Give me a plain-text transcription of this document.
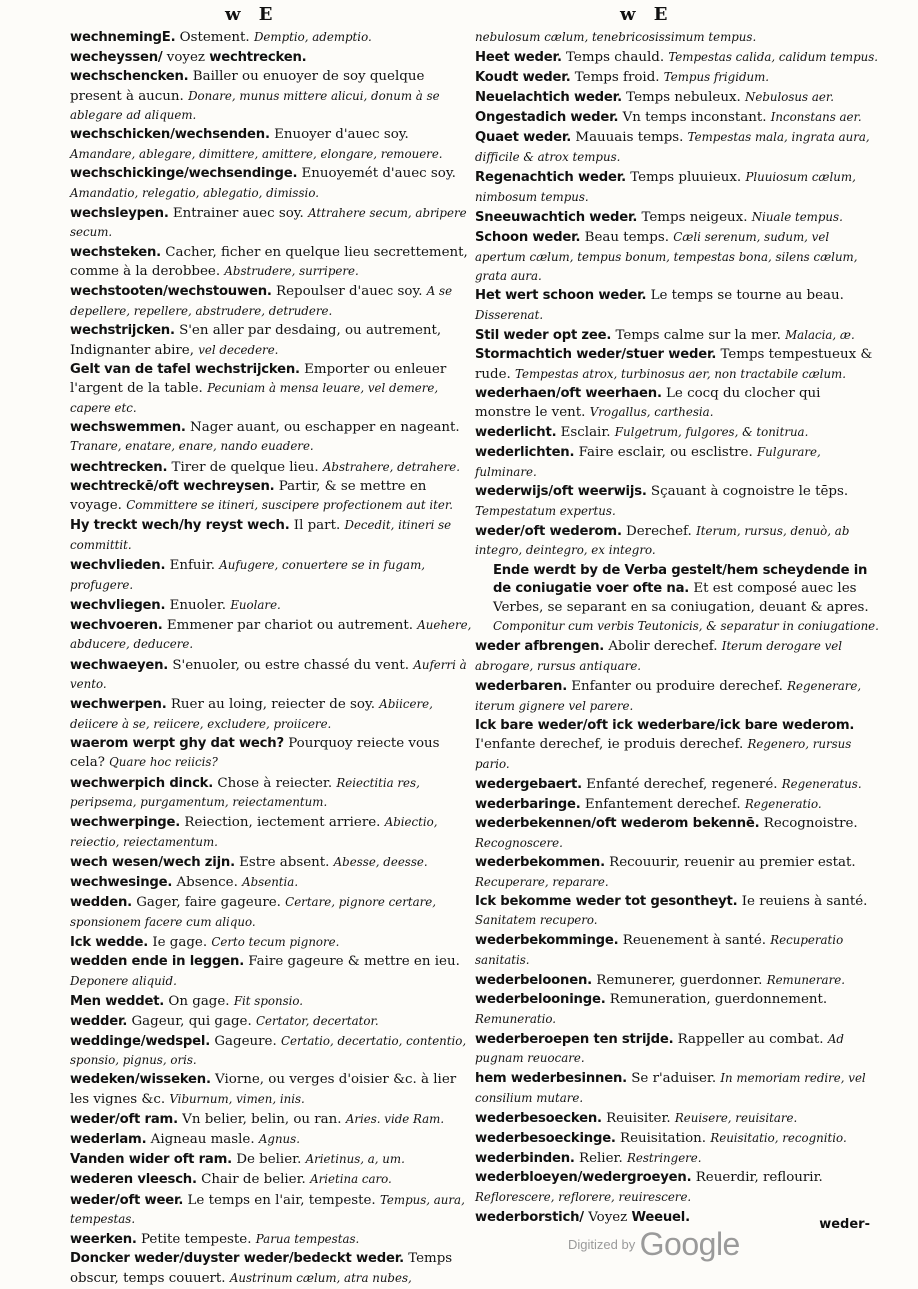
w E	w E
wechnemingE. Ostement. Demptio, ademptio.
wecheyssen/ voyez wechtrecken.
wechschencken. Bailler ou enuoyer de soy quelque present à aucun. Donare, munus mittere alicui, donum à se ablegare ad aliquem.
wechschicken/wechsenden. Enuoyer d'auec soy. Amandare, ablegare, dimittere, amittere, elongare, remouere.
wechschickinge/wechsendinge. Enuoyemét d'auec soy. Amandatio, relegatio, ablegatio, dimissio.
wechsleypen. Entrainer auec soy. Attrahere secum, abripere secum.
wechsteken. Cacher, ficher en quelque lieu secrettement, comme à la derobbee. Abstrudere, surripere.
wechstooten/wechstouwen. Repoulser d'auec soy. A se depellere, repellere, abstrudere, detrudere.
wechstrijcken. S'en aller par desdaing, ou autrement, Indignanter abire, vel decedere.
Gelt van de tafel wechstrijcken. Emporter ou enleuer l'argent de la table. Pecuniam à mensa leuare, vel demere, capere etc.
wechswemmen. Nager auant, ou eschapper en nageant. Tranare, enatare, enare, nando euadere.
wechtrecken. Tirer de quelque lieu. Abstrahere, detrahere.
wechtreckē/oft wechreysen. Partir, & se mettre en voyage. Committere se itineri, suscipere profectionem aut iter.
Hy treckt wech/hy reyst wech. Il part. Decedit, itineri se committit.
wechvlieden. Enfuir. Aufugere, conuertere se in fugam, profugere.
wechvliegen. Enuoler. Euolare.
wechvoeren. Emmener par chariot ou autrement. Auehere, abducere, deducere.
wechwaeyen. S'enuoler, ou estre chassé du vent. Auferri à vento.
wechwerpen. Ruer au loing, reiecter de soy. Abiicere, deiicere à se, reiicere, excludere, proiicere.
waerom werpt ghy dat wech? Pourquoy reiecte vous cela? Quare hoc reiicis?
wechwerpich dinck. Chose à reiecter. Reiectitia res, peripsema, purgamentum, reiectamentum.
wechwerpinge. Reiection, iectement arriere. Abiectio, reiectio, reiectamentum.
wech wesen/wech zijn. Estre absent. Abesse, deesse.
wechwesinge. Absence. Absentia.
wedden. Gager, faire gageure. Certare, pignore certare, sponsionem facere cum aliquo.
Ick wedde. Ie gage. Certo tecum pignore.
wedden ende in leggen. Faire gageure & mettre en ieu. Deponere aliquid.
Men weddet. On gage. Fit sponsio.
wedder. Gageur, qui gage. Certator, decertator.
weddinge/wedspel. Gageure. Certatio, decertatio, contentio, sponsio, pignus, oris.
wedeken/wisseken. Viorne, ou verges d'oisier &c. à lier les vignes &c. Viburnum, vimen, inis.
weder/oft ram. Vn belier, belin, ou ran. Aries. vide Ram.
wederlam. Aigneau masle. Agnus.
Vanden wider oft ram. De belier. Arietinus, a, um.
wederen vleesch. Chair de belier. Arietina caro.
weder/oft weer. Le temps en l'air, tempeste. Tempus, aura, tempestas.
weerken. Petite tempeste. Parua tempestas.
Doncker weder/duyster weder/bedeckt weder. Temps obscur, temps couuert. Austrinum cælum, atra nubes,
nebulosum cælum, tenebricosissimum tempus.
Heet weder. Temps chauld. Tempestas calida, calidum tempus.
Koudt weder. Temps froid. Tempus frigidum.
Neuelachtich weder. Temps nebuleux. Nebulosus aer.
Ongestadich weder. Vn temps inconstant. Inconstans aer.
Quaet weder. Mauuais temps. Tempestas mala, ingrata aura, difficile & atrox tempus.
Regenachtich weder. Temps pluuieux. Pluuiosum cælum, nimbosum tempus.
Sneeuwachtich weder. Temps neigeux. Niuale tempus.
Schoon weder. Beau temps. Cæli serenum, sudum, vel apertum cælum, tempus bonum, tempestas bona, silens cælum, grata aura.
Het wert schoon weder. Le temps se tourne au beau. Disserenat.
Stil weder opt zee. Temps calme sur la mer. Malacia, æ.
Stormachtich weder/stuer weder. Temps tempestueux & rude. Tempestas atrox, turbinosus aer, non tractabile cælum.
wederhaen/oft weerhaen. Le cocq du clocher qui monstre le vent. Vrogallus, carthesia.
wederlicht. Esclair. Fulgetrum, fulgores, & tonitrua.
wederlichten. Faire esclair, ou esclistre. Fulgurare, fulminare.
wederwijs/oft weerwijs. Sçauant à cognoistre le tēps. Tempestatum expertus.
weder/oft wederom. Derechef. Iterum, rursus, denuò, ab integro, deintegro, ex integro.
Ende werdt by de Verba gestelt/hem scheydende in de coniugatie voer ofte na. Et est composé auec les Verbes, se separant en sa coniugation, deuant & apres. Componitur cum verbis Teutonicis, & separatur in coniugatione.
weder afbrengen. Abolir derechef. Iterum derogare vel abrogare, rursus antiquare.
wederbaren. Enfanter ou produire derechef. Regenerare, iterum gignere vel parere.
Ick bare weder/oft ick wederbare/ick bare wederom. I'enfante derechef, ie produis derechef. Regenero, rursus pario.
wedergebaert. Enfanté derechef, regeneré. Regeneratus.
wederbaringe. Enfantement derechef. Regeneratio.
wederbekennen/oft wederom bekennē. Recognoistre. Recognoscere.
wederbekommen. Recouurir, reuenir au premier estat. Recuperare, reparare.
Ick bekomme weder tot gesontheyt. Ie reuiens à santé. Sanitatem recupero.
wederbekomminge. Reuenement à santé. Recuperatio sanitatis.
wederbeloonen. Remunerer, guerdonner. Remunerare.
wederbelooninge. Remuneration, guerdonnement. Remuneratio.
wederberoepen ten strijde. Rappeller au combat. Ad pugnam reuocare.
hem wederbesinnen. Se r'aduiser. In memoriam redire, vel consilium mutare.
wederbesoecken. Reuisiter. Reuisere, reuisitare.
wederbesoeckinge. Reuisitation. Reuisitatio, recognitio.
wederbinden. Relier. Restringere.
wederbloeyen/wedergroeyen. Reuerdir, reflourir. Reflorescere, reflorere, reuirescere.
wederborstich/ Voyez Weeuel.	weder-
Digitized by Google
